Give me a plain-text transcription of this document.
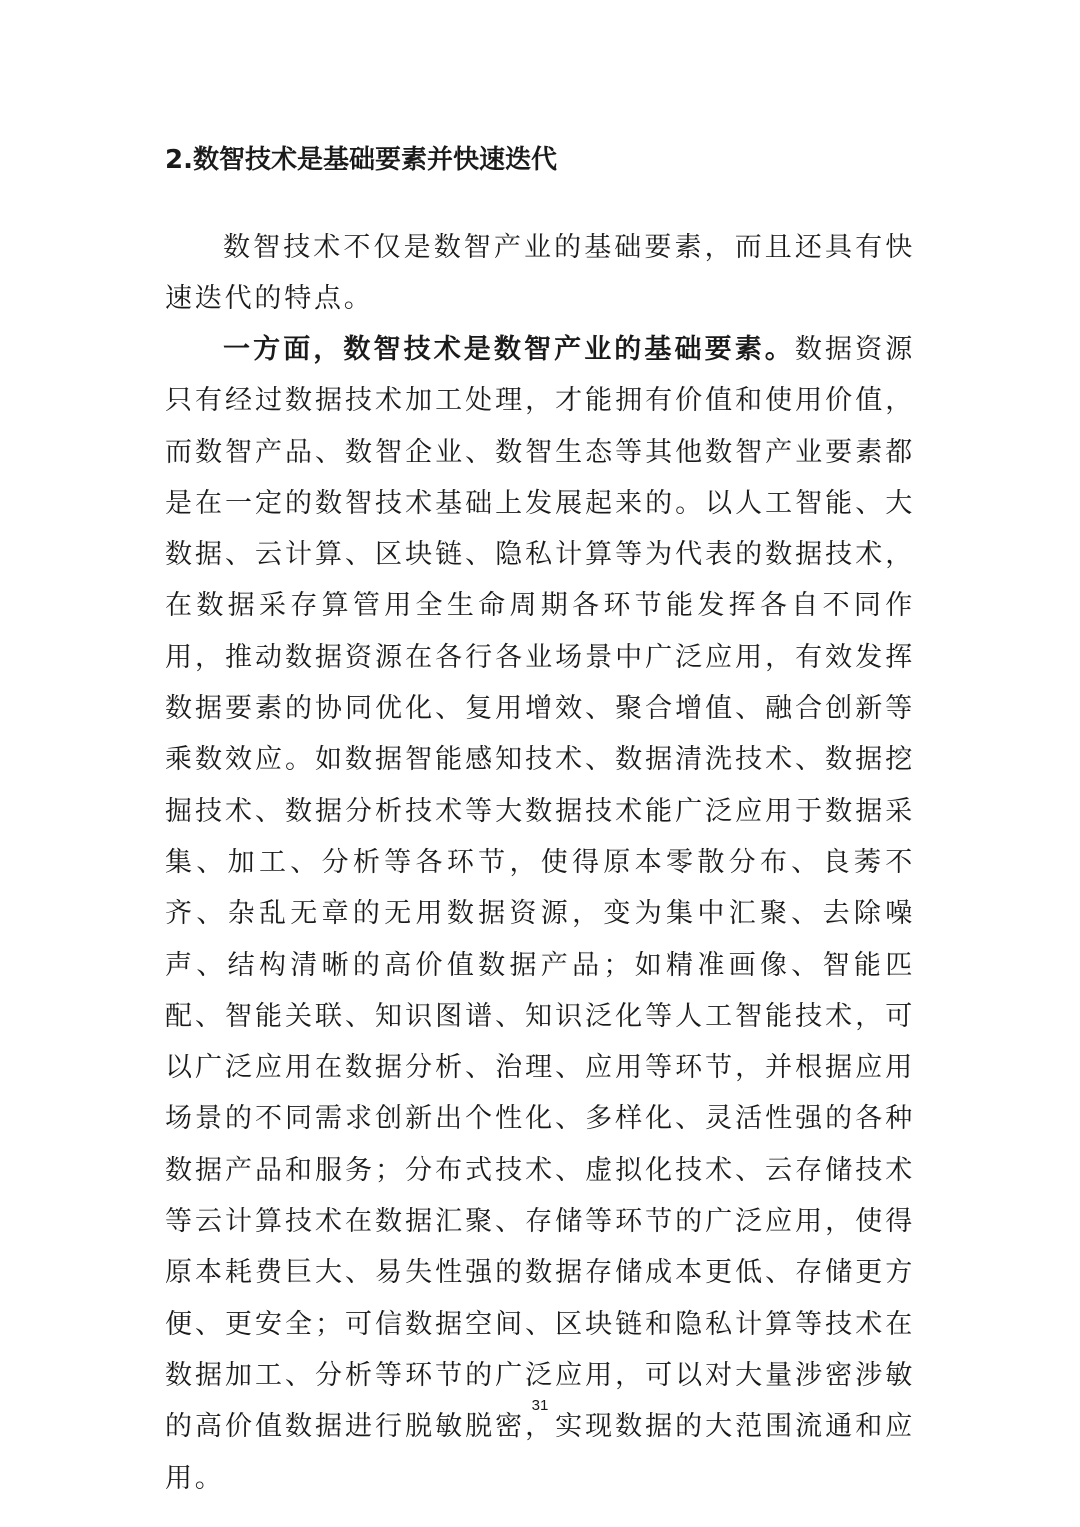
2.数智技术是基础要素并快速迭代

数智技术不仅是数智产业的基础要素，而且还具有快速迭代的特点。

一方面，数智技术是数智产业的基础要素。数据资源只有经过数据技术加工处理，才能拥有价值和使用价值，而数智产品、数智企业、数智生态等其他数智产业要素都是在一定的数智技术基础上发展起来的。以人工智能、大数据、云计算、区块链、隐私计算等为代表的数据技术，在数据采存算管用全生命周期各环节能发挥各自不同作用，推动数据资源在各行各业场景中广泛应用，有效发挥数据要素的协同优化、复用增效、聚合增值、融合创新等乘数效应。如数据智能感知技术、数据清洗技术、数据挖掘技术、数据分析技术等大数据技术能广泛应用于数据采集、加工、分析等各环节，使得原本零散分布、良莠不齐、杂乱无章的无用数据资源，变为集中汇聚、去除噪声、结构清晰的高价值数据产品；如精准画像、智能匹配、智能关联、知识图谱、知识泛化等人工智能技术，可以广泛应用在数据分析、治理、应用等环节，并根据应用场景的不同需求创新出个性化、多样化、灵活性强的各种数据产品和服务；分布式技术、虚拟化技术、云存储技术等云计算技术在数据汇聚、存储等环节的广泛应用，使得原本耗费巨大、易失性强的数据存储成本更低、存储更方便、更安全；可信数据空间、区块链和隐私计算等技术在数据加工、分析等环节的广泛应用，可以对大量涉密涉敏的高价值数据进行脱敏脱密，实现数据的大范围流通和应用。

31
